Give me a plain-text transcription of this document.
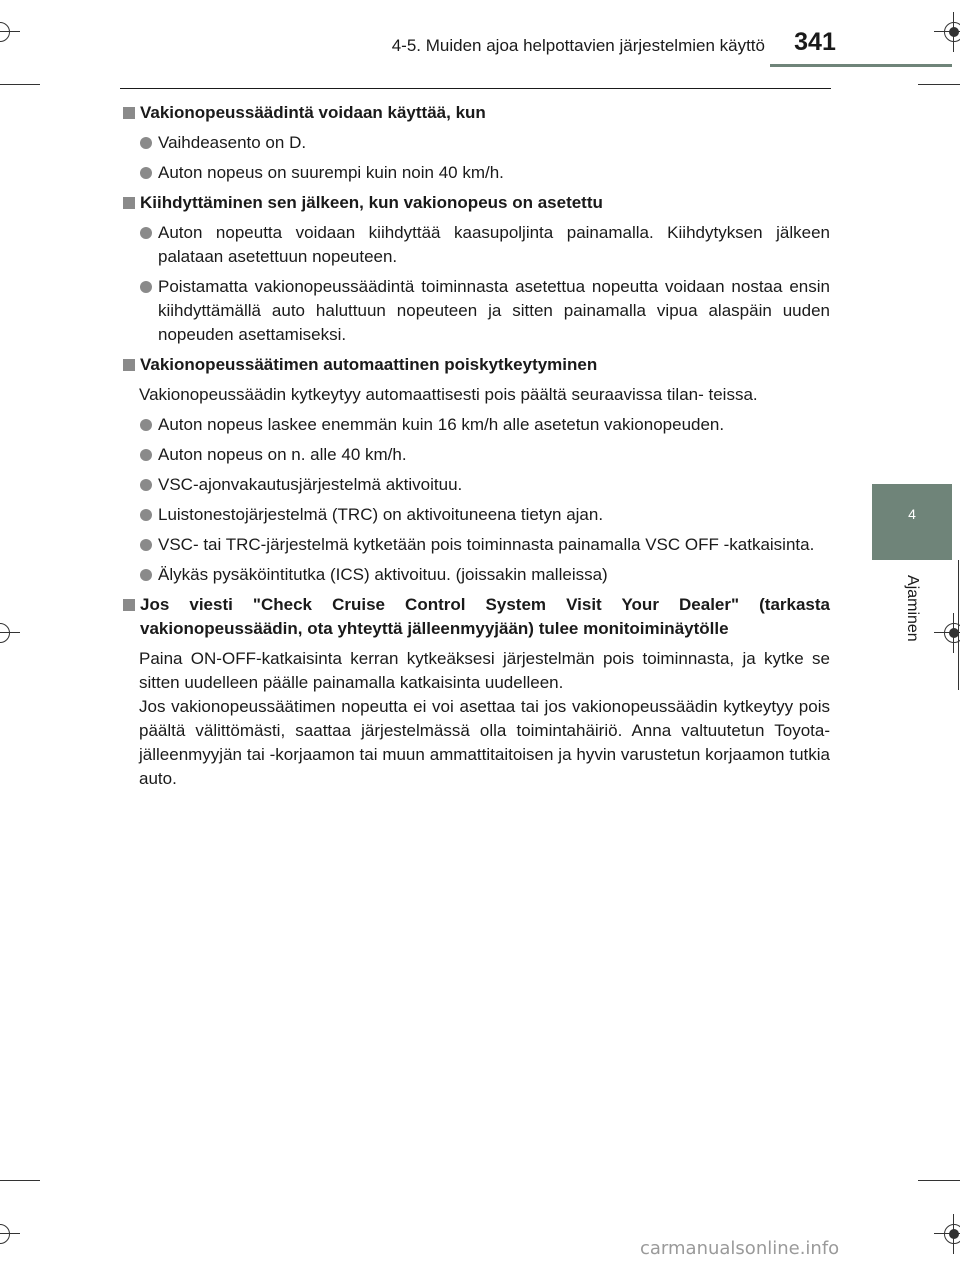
4-5. Muiden ajoa helpottavien järjestelmien käyttö	341
4
Ajaminen
Vakionopeussäädintä voidaan käyttää, kun
Vaihdeasento on D.
Auton nopeus on suurempi kuin noin 40 km/h.
Kiihdyttäminen sen jälkeen, kun vakionopeus on asetettu
Auton nopeutta voidaan kiihdyttää kaasupoljinta painamalla. Kiihdytyksen jälkeen palataan asetettuun nopeuteen.
Poistamatta vakionopeussäädintä toiminnasta asetettua nopeutta voidaan nostaa ensin kiihdyttämällä auto haluttuun nopeuteen ja sitten painamalla vipua alaspäin uuden nopeuden asettamiseksi.
Vakionopeussäätimen automaattinen poiskytkeytyminen
Vakionopeussäädin kytkeytyy automaattisesti pois päältä seuraavissa tilan- teissa.
Auton nopeus laskee enemmän kuin 16 km/h alle asetetun vakionopeuden.
Auton nopeus on n. alle 40 km/h.
VSC-ajonvakautusjärjestelmä aktivoituu.
Luistonestojärjestelmä (TRC) on aktivoituneena tietyn ajan.
VSC- tai TRC-järjestelmä kytketään pois toiminnasta painamalla VSC OFF -katkaisinta.
Älykäs pysäköintitutka (ICS) aktivoituu. (joissakin malleissa)
Jos viesti "Check Cruise Control System Visit Your Dealer" (tarkasta vakionopeussäädin, ota yhteyttä jälleenmyyjään) tulee monitoiminäytölle
Paina ON-OFF-katkaisinta kerran kytkeäksesi järjestelmän pois toiminnasta, ja kytke se sitten uudelleen päälle painamalla katkaisinta uudelleen.
Jos vakionopeussäätimen nopeutta ei voi asettaa tai jos vakionopeussäädin kytkeytyy pois päältä välittömästi, saattaa järjestelmässä olla toimintahäiriö. Anna valtuutetun Toyota-jälleenmyyjän tai -korjaamon tai muun ammattitaitoisen ja hyvin varustetun korjaamon tutkia auto.
carmanualsonline.info
